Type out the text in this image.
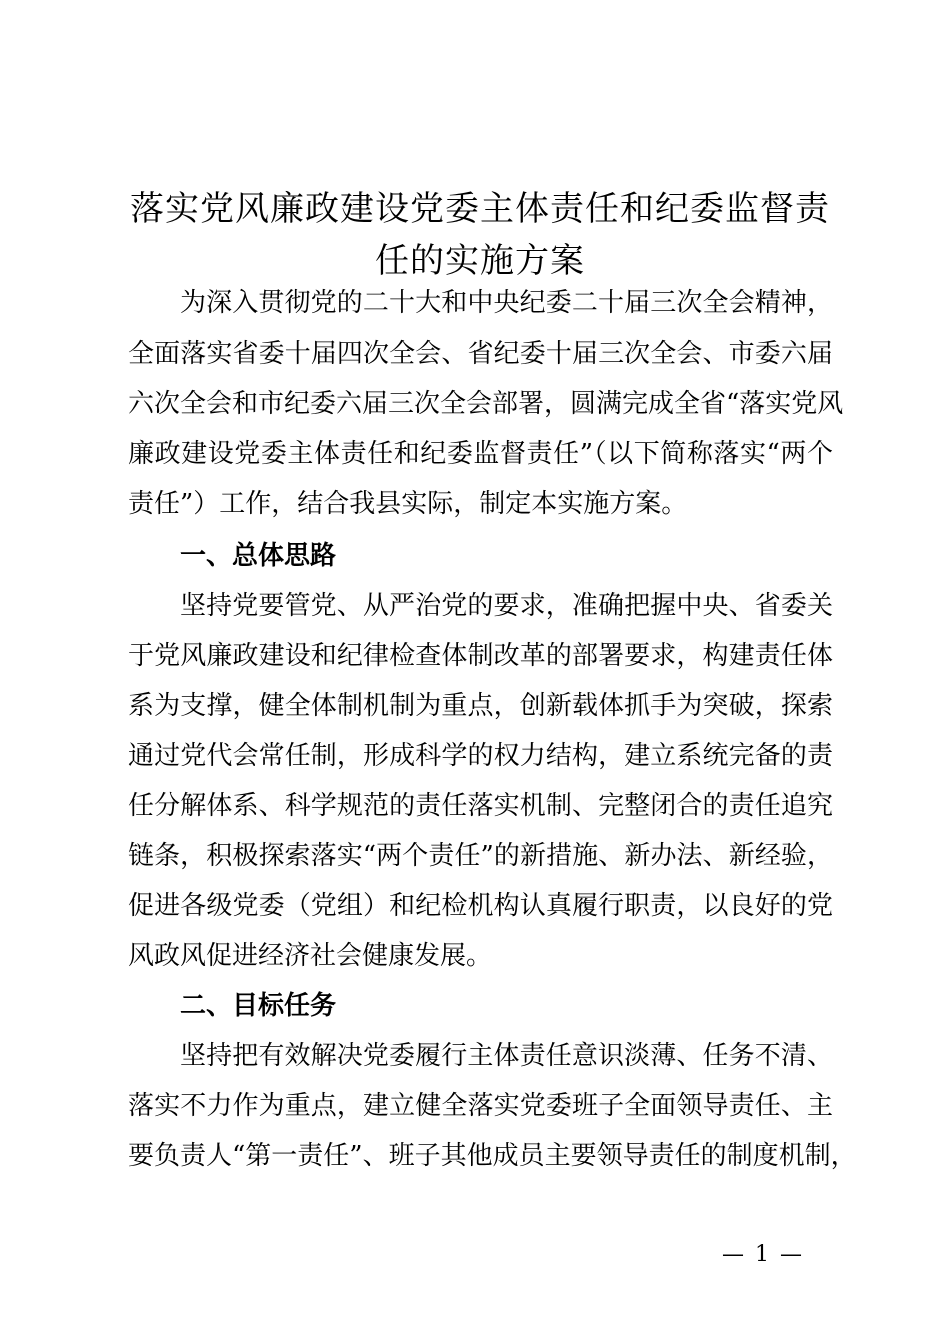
落实党风廉政建设党委主体责任和纪委监督责
任的实施方案
为深入贯彻党的二十大和中央纪委二十届三次全会精神，
全面落实省委十届四次全会、省纪委十届三次全会、市委六届
六次全会和市纪委六届三次全会部署，圆满完成全省“落实党风
廉政建设党委主体责任和纪委监督责任”（以下简称落实“两个
责任”）工作，结合我县实际，制定本实施方案。
一、总体思路
坚持党要管党、从严治党的要求，准确把握中央、省委关
于党风廉政建设和纪律检查体制改革的部署要求，构建责任体
系为支撑，健全体制机制为重点，创新载体抓手为突破，探索
通过党代会常任制，形成科学的权力结构，建立系统完备的责
任分解体系、科学规范的责任落实机制、完整闭合的责任追究
链条，积极探索落实“两个责任”的新措施、新办法、新经验，
促进各级党委（党组）和纪检机构认真履行职责，以良好的党
风政风促进经济社会健康发展。
二、目标任务
坚持把有效解决党委履行主体责任意识淡薄、任务不清、
落实不力作为重点，建立健全落实党委班子全面领导责任、主
要负责人“第一责任”、班子其他成员主要领导责任的制度机制，
— 1 —
